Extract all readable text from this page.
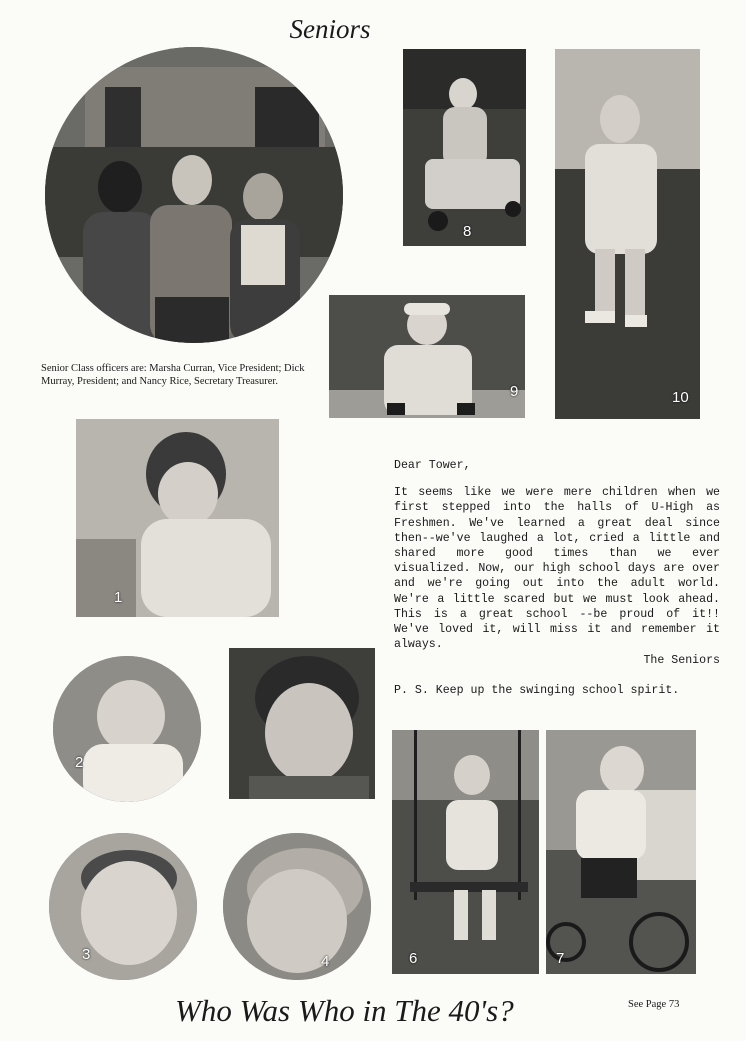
Seniors
Senior Class officers are: Marsha Curran, Vice President; Dick Murray, President; and Nancy Rice, Secretary Treasurer.
8
10
9
1
Dear Tower,
It seems like we were mere children when we first stepped into the halls of U-High as Freshmen. We've learned a great deal since then--we've laughed a lot, cried a little and shared more good times than we ever visualized. Now, our high school days are over and we're going out into the adult world. We're a little scared but we must look ahead. This is a great school --be proud of it!! We've loved it, will miss it and remember it always.
The Seniors
P. S. Keep up the swinging school spirit.
2
6	7
3	4
Who Was Who in The 40's?	See Page 73
